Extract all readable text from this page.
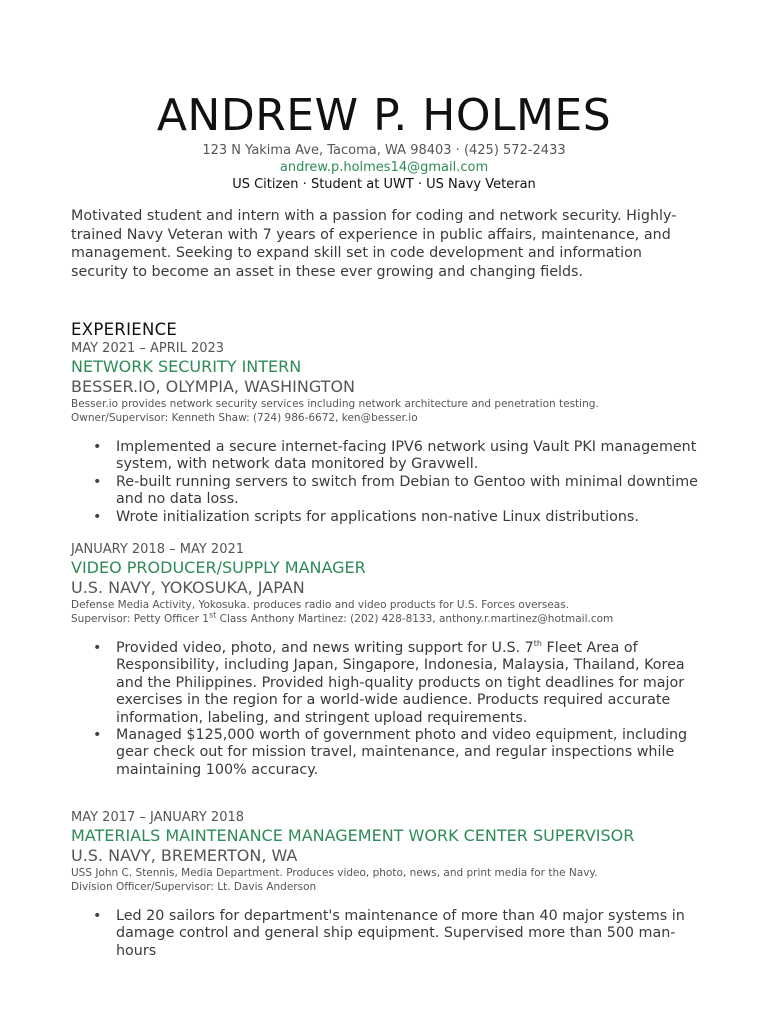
ANDREW P. HOLMES
123 N Yakima Ave, Tacoma, WA 98403 · (425) 572-2433
andrew.p.holmes14@gmail.com
US Citizen · Student at UWT · US Navy Veteran

Motivated student and intern with a passion for coding and network security. Highly-trained Navy Veteran with 7 years of experience in public affairs, maintenance, and management. Seeking to expand skill set in code development and information security to become an asset in these ever growing and changing fields.

EXPERIENCE
MAY 2021 – APRIL 2023
NETWORK SECURITY INTERN
BESSER.IO, OLYMPIA, WASHINGTON
Besser.io provides network security services including network architecture and penetration testing.
Owner/Supervisor: Kenneth Shaw: (724) 986-6672, ken@besser.io
• Implemented a secure internet-facing IPV6 network using Vault PKI management system, with network data monitored by Gravwell.
• Re-built running servers to switch from Debian to Gentoo with minimal downtime and no data loss.
• Wrote initialization scripts for applications non-native Linux distributions.
JANUARY 2018 – MAY 2021
VIDEO PRODUCER/SUPPLY MANAGER
U.S. NAVY, YOKOSUKA, JAPAN
Defense Media Activity, Yokosuka. produces radio and video products for U.S. Forces overseas.
Supervisor: Petty Officer 1st Class Anthony Martinez: (202) 428-8133, anthony.r.martinez@hotmail.com
• Provided video, photo, and news writing support for U.S. 7th Fleet Area of Responsibility, including Japan, Singapore, Indonesia, Malaysia, Thailand, Korea and the Philippines. Provided high-quality products on tight deadlines for major exercises in the region for a world-wide audience. Products required accurate information, labeling, and stringent upload requirements.
• Managed $125,000 worth of government photo and video equipment, including gear check out for mission travel, maintenance, and regular inspections while maintaining 100% accuracy.
MAY 2017 – JANUARY 2018
MATERIALS MAINTENANCE MANAGEMENT WORK CENTER SUPERVISOR
U.S. NAVY, BREMERTON, WA
USS John C. Stennis, Media Department. Produces video, photo, news, and print media for the Navy.
Division Officer/Supervisor: Lt. Davis Anderson
• Led 20 sailors for department's maintenance of more than 40 major systems in damage control and general ship equipment. Supervised more than 500 man-hours
